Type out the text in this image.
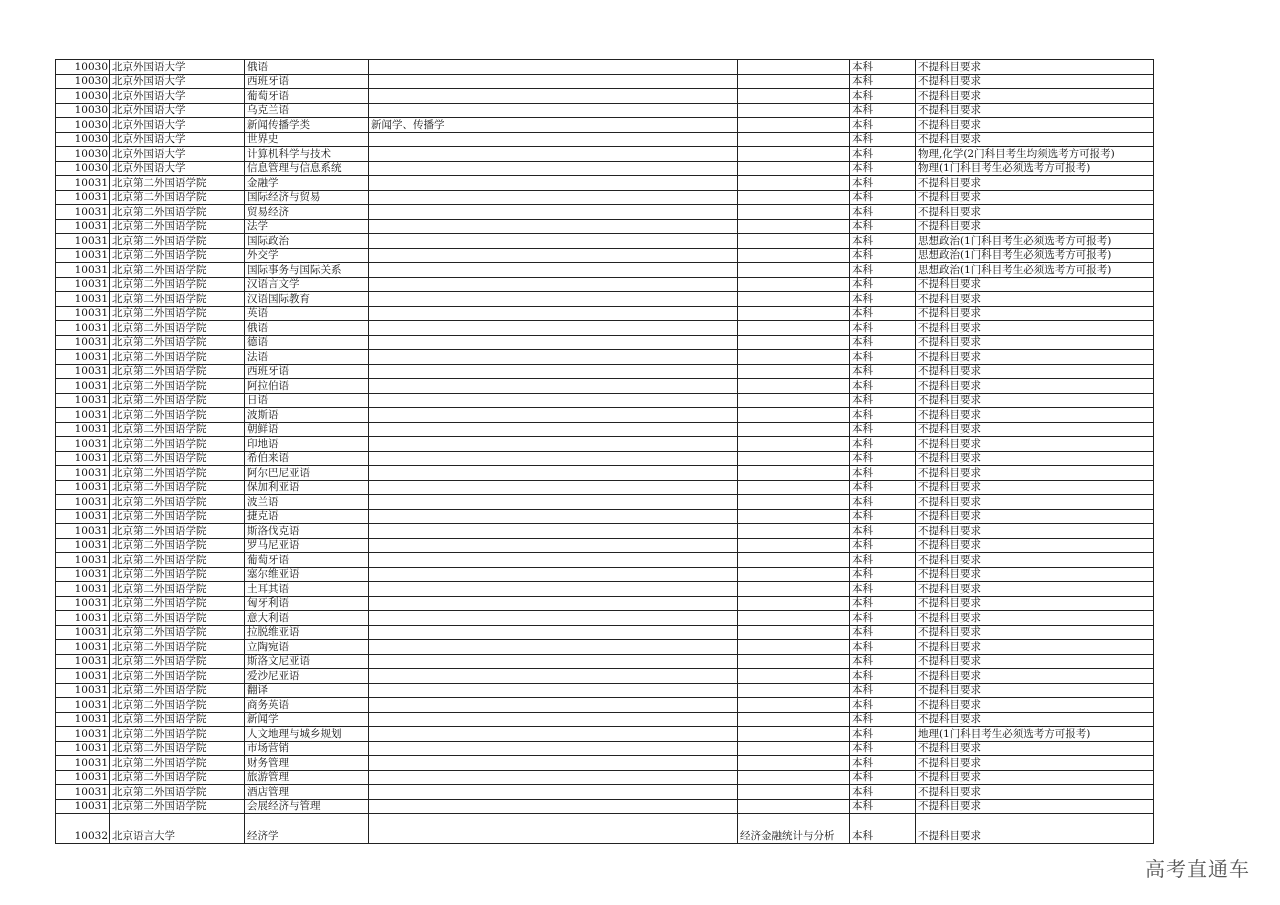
10030	北京外国语大学	俄语			本科	不提科目要求
10030	北京外国语大学	西班牙语			本科	不提科目要求
10030	北京外国语大学	葡萄牙语			本科	不提科目要求
10030	北京外国语大学	乌克兰语			本科	不提科目要求
10030	北京外国语大学	新闻传播学类	新闻学、传播学		本科	不提科目要求
10030	北京外国语大学	世界史			本科	不提科目要求
10030	北京外国语大学	计算机科学与技术			本科	物理,化学(2门科目考生均须选考方可报考)
10030	北京外国语大学	信息管理与信息系统			本科	物理(1门科目考生必须选考方可报考)
10031	北京第二外国语学院	金融学			本科	不提科目要求
10031	北京第二外国语学院	国际经济与贸易			本科	不提科目要求
10031	北京第二外国语学院	贸易经济			本科	不提科目要求
10031	北京第二外国语学院	法学			本科	不提科目要求
10031	北京第二外国语学院	国际政治			本科	思想政治(1门科目考生必须选考方可报考)
10031	北京第二外国语学院	外交学			本科	思想政治(1门科目考生必须选考方可报考)
10031	北京第二外国语学院	国际事务与国际关系			本科	思想政治(1门科目考生必须选考方可报考)
10031	北京第二外国语学院	汉语言文学			本科	不提科目要求
10031	北京第二外国语学院	汉语国际教育			本科	不提科目要求
10031	北京第二外国语学院	英语			本科	不提科目要求
10031	北京第二外国语学院	俄语			本科	不提科目要求
10031	北京第二外国语学院	德语			本科	不提科目要求
10031	北京第二外国语学院	法语			本科	不提科目要求
10031	北京第二外国语学院	西班牙语			本科	不提科目要求
10031	北京第二外国语学院	阿拉伯语			本科	不提科目要求
10031	北京第二外国语学院	日语			本科	不提科目要求
10031	北京第二外国语学院	波斯语			本科	不提科目要求
10031	北京第二外国语学院	朝鲜语			本科	不提科目要求
10031	北京第二外国语学院	印地语			本科	不提科目要求
10031	北京第二外国语学院	希伯来语			本科	不提科目要求
10031	北京第二外国语学院	阿尔巴尼亚语			本科	不提科目要求
10031	北京第二外国语学院	保加利亚语			本科	不提科目要求
10031	北京第二外国语学院	波兰语			本科	不提科目要求
10031	北京第二外国语学院	捷克语			本科	不提科目要求
10031	北京第二外国语学院	斯洛伐克语			本科	不提科目要求
10031	北京第二外国语学院	罗马尼亚语			本科	不提科目要求
10031	北京第二外国语学院	葡萄牙语			本科	不提科目要求
10031	北京第二外国语学院	塞尔维亚语			本科	不提科目要求
10031	北京第二外国语学院	土耳其语			本科	不提科目要求
10031	北京第二外国语学院	匈牙利语			本科	不提科目要求
10031	北京第二外国语学院	意大利语			本科	不提科目要求
10031	北京第二外国语学院	拉脱维亚语			本科	不提科目要求
10031	北京第二外国语学院	立陶宛语			本科	不提科目要求
10031	北京第二外国语学院	斯洛文尼亚语			本科	不提科目要求
10031	北京第二外国语学院	爱沙尼亚语			本科	不提科目要求
10031	北京第二外国语学院	翻译			本科	不提科目要求
10031	北京第二外国语学院	商务英语			本科	不提科目要求
10031	北京第二外国语学院	新闻学			本科	不提科目要求
10031	北京第二外国语学院	人文地理与城乡规划			本科	地理(1门科目考生必须选考方可报考)
10031	北京第二外国语学院	市场营销			本科	不提科目要求
10031	北京第二外国语学院	财务管理			本科	不提科目要求
10031	北京第二外国语学院	旅游管理			本科	不提科目要求
10031	北京第二外国语学院	酒店管理			本科	不提科目要求
10031	北京第二外国语学院	会展经济与管理			本科	不提科目要求
10032	北京语言大学	经济学		经济金融统计与分析	本科	不提科目要求
高考直通车
